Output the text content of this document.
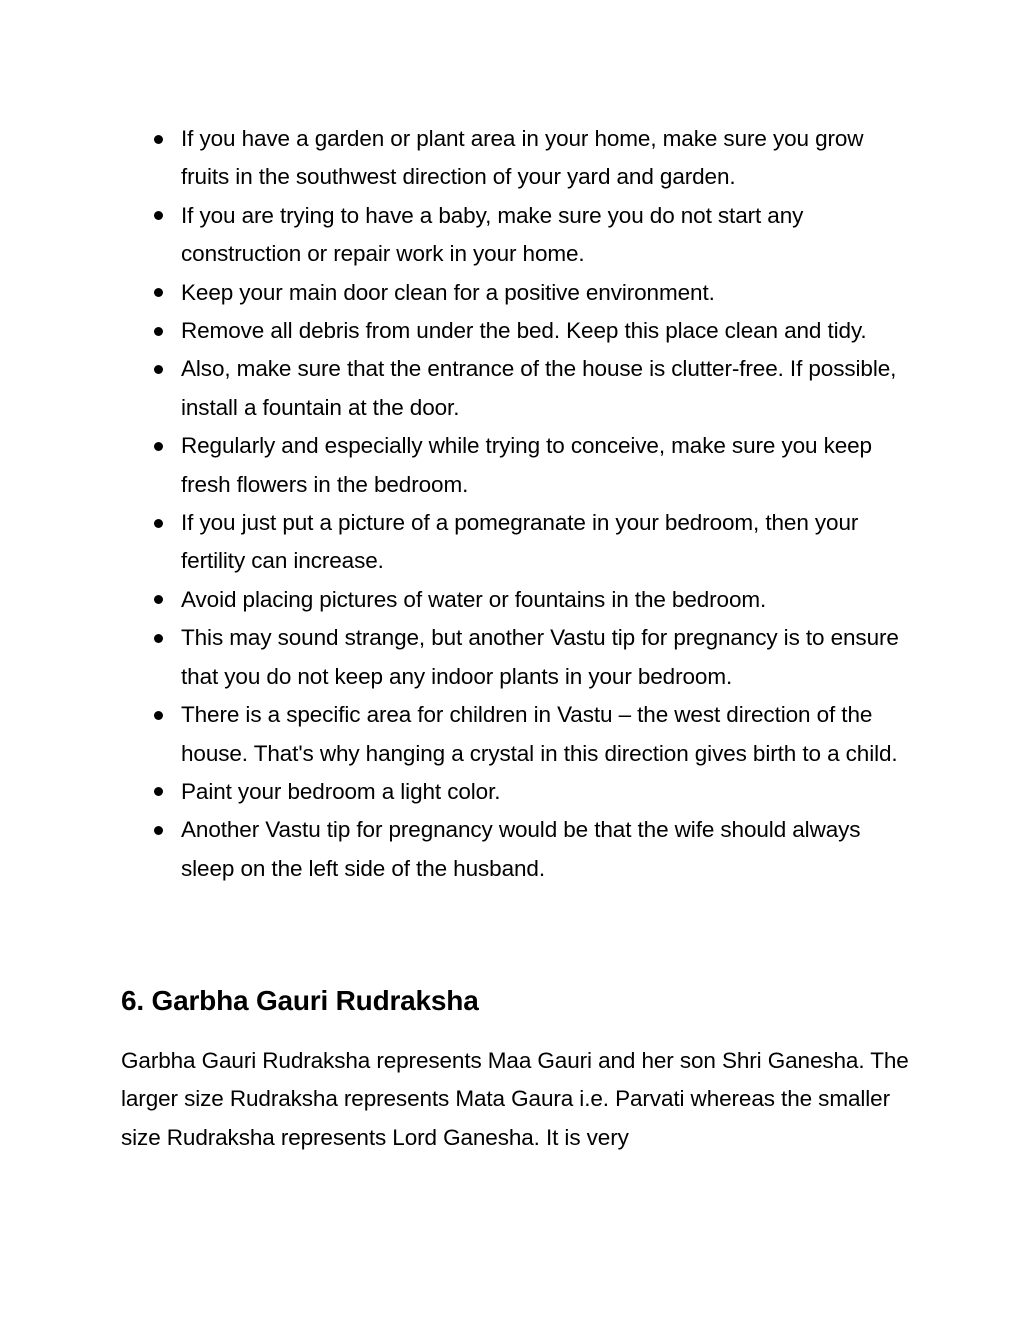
If you have a garden or plant area in your home, make sure you grow fruits in the southwest direction of your yard and garden.
If you are trying to have a baby, make sure you do not start any construction or repair work in your home.
Keep your main door clean for a positive environment.
Remove all debris from under the bed. Keep this place clean and tidy.
Also, make sure that the entrance of the house is clutter-free. If possible, install a fountain at the door.
Regularly and especially while trying to conceive, make sure you keep fresh flowers in the bedroom.
If you just put a picture of a pomegranate in your bedroom, then your fertility can increase.
Avoid placing pictures of water or fountains in the bedroom.
This may sound strange, but another Vastu tip for pregnancy is to ensure that you do not keep any indoor plants in your bedroom.
There is a specific area for children in Vastu – the west direction of the house. That's why hanging a crystal in this direction gives birth to a child.
Paint your bedroom a light color.
Another Vastu tip for pregnancy would be that the wife should always sleep on the left side of the husband.
6. Garbha Gauri Rudraksha

Garbha Gauri Rudraksha represents Maa Gauri and her son Shri Ganesha. The larger size Rudraksha represents Mata Gaura i.e. Parvati whereas the smaller size Rudraksha represents Lord Ganesha. It is very
